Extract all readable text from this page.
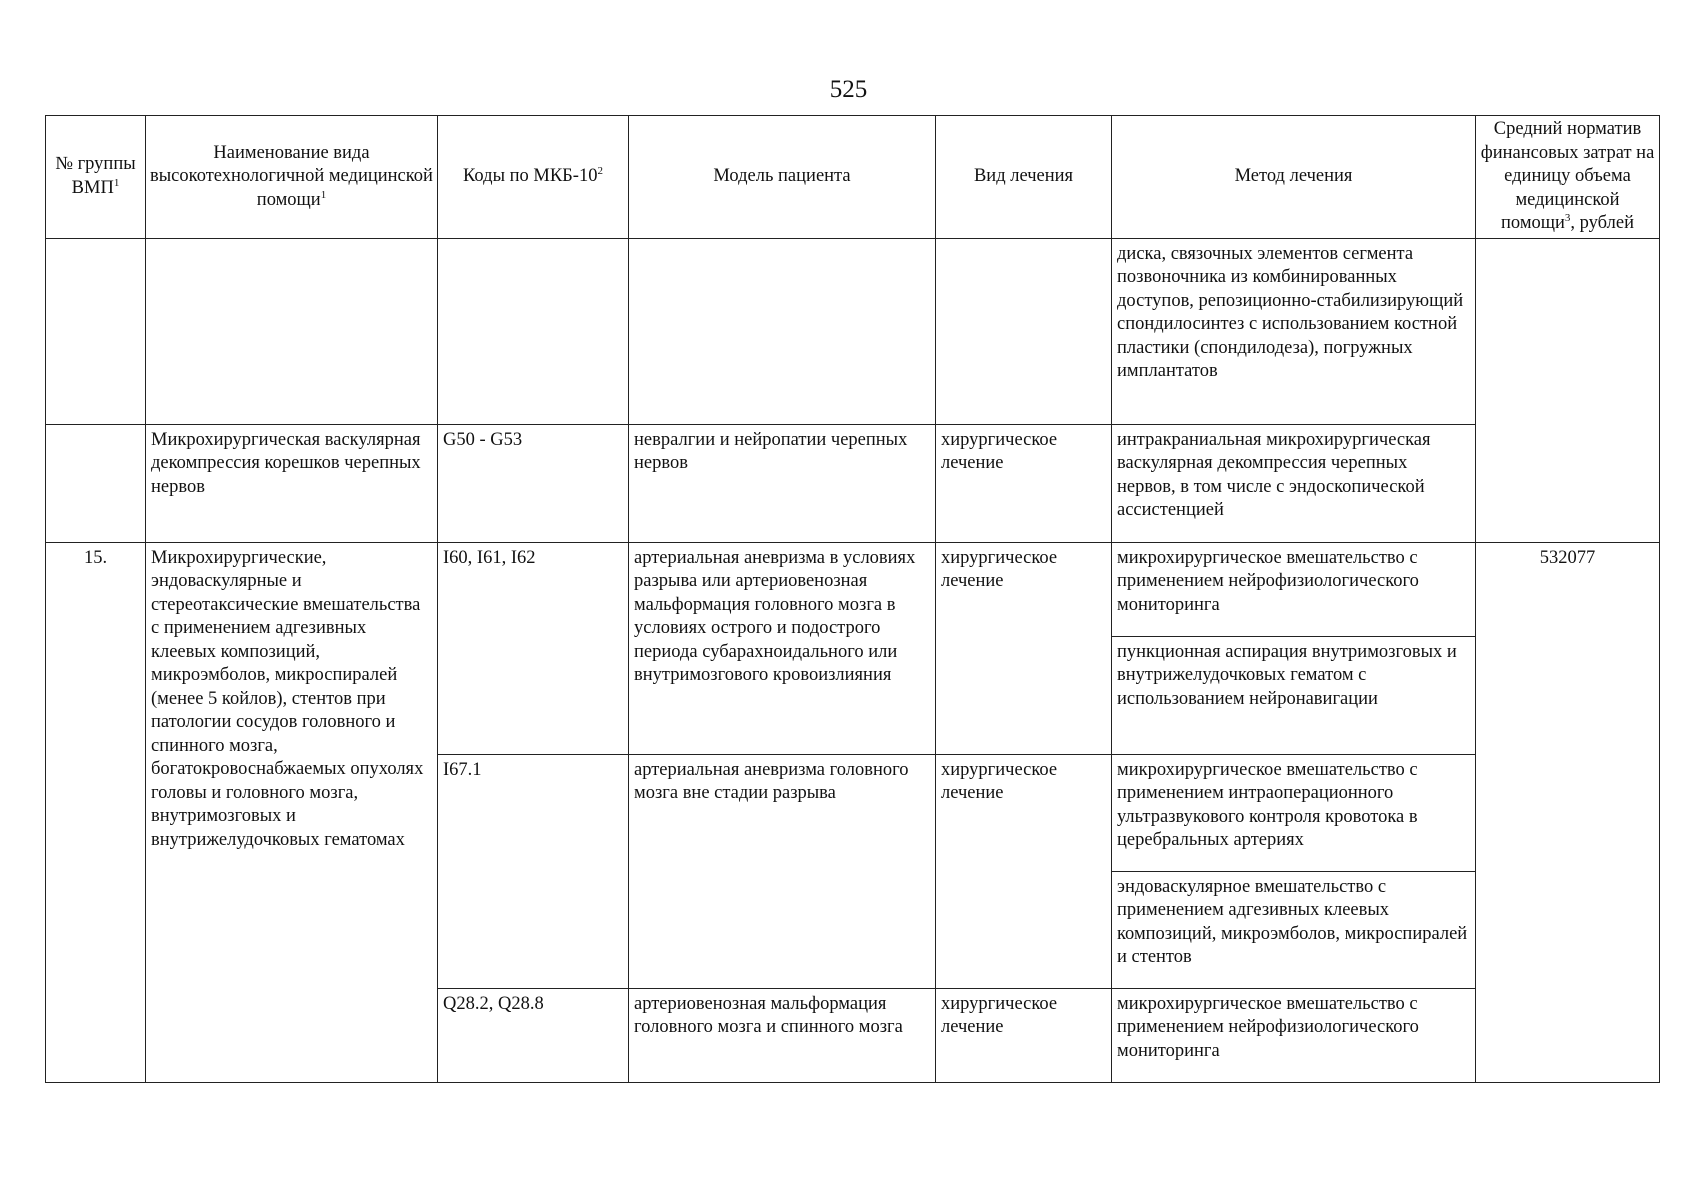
525
№ группы ВМП$^1$	Наименование вида высокотехнологичной медицинской помощи$^1$	Коды по МКБ-$10^2$	Модель пациента	Вид лечения	Метод лечения	Средний норматив финансовых затрат на единицу объема медицинской помощи$^3$, рублей
					диска, связочных элементов сегмента позвоночника из комбинированных доступов, репозиционно-стабилизирующий спондилосинтез с использованием костной пластики (спондилодеза), погружных имплантатов	
	Микрохирургическая васкулярная декомпрессия корешков черепных нервов	G50 - G53	невралгии и нейропатии черепных нервов	хирургическое лечение	интракраниальная микрохирургическая васкулярная декомпрессия черепных нервов, в том числе с эндоскопической ассистенцией	
15.	Микрохирургические, эндоваскулярные и стереотаксические вмешательства с применением адгезивных клеевых композиций, микроэмболов, микроспиралей (менее 5 койлов), стентов при патологии сосудов головного и спинного мозга, богатокровоснабжаемых опухолях головы и головного мозга, внутримозговых и внутрижелудочковых гематомах	I60, I61, I62	артериальная аневризма в условиях разрыва или артериовенозная мальформация головного мозга в условиях острого и подострого периода субарахноидального или внутримозгового кровоизлияния	хирургическое лечение	микрохирургическое вмешательство с применением нейрофизиологического мониторинга	532077
					пункционная аспирация внутримозговых и внутрижелудочковых гематом с использованием нейронавигации	
		I67.1	артериальная аневризма головного мозга вне стадии разрыва	хирургическое лечение	микрохирургическое вмешательство с применением интраоперационного ультразвукового контроля кровотока в церебральных артериях	
					эндоваскулярное вмешательство с применением адгезивных клеевых композиций, микроэмболов, микроспиралей и стентов	
		Q28.2, Q28.8	артериовенозная мальформация головного мозга и спинного мозга	хирургическое лечение	микрохирургическое вмешательство с применением нейрофизиологического мониторинга	
